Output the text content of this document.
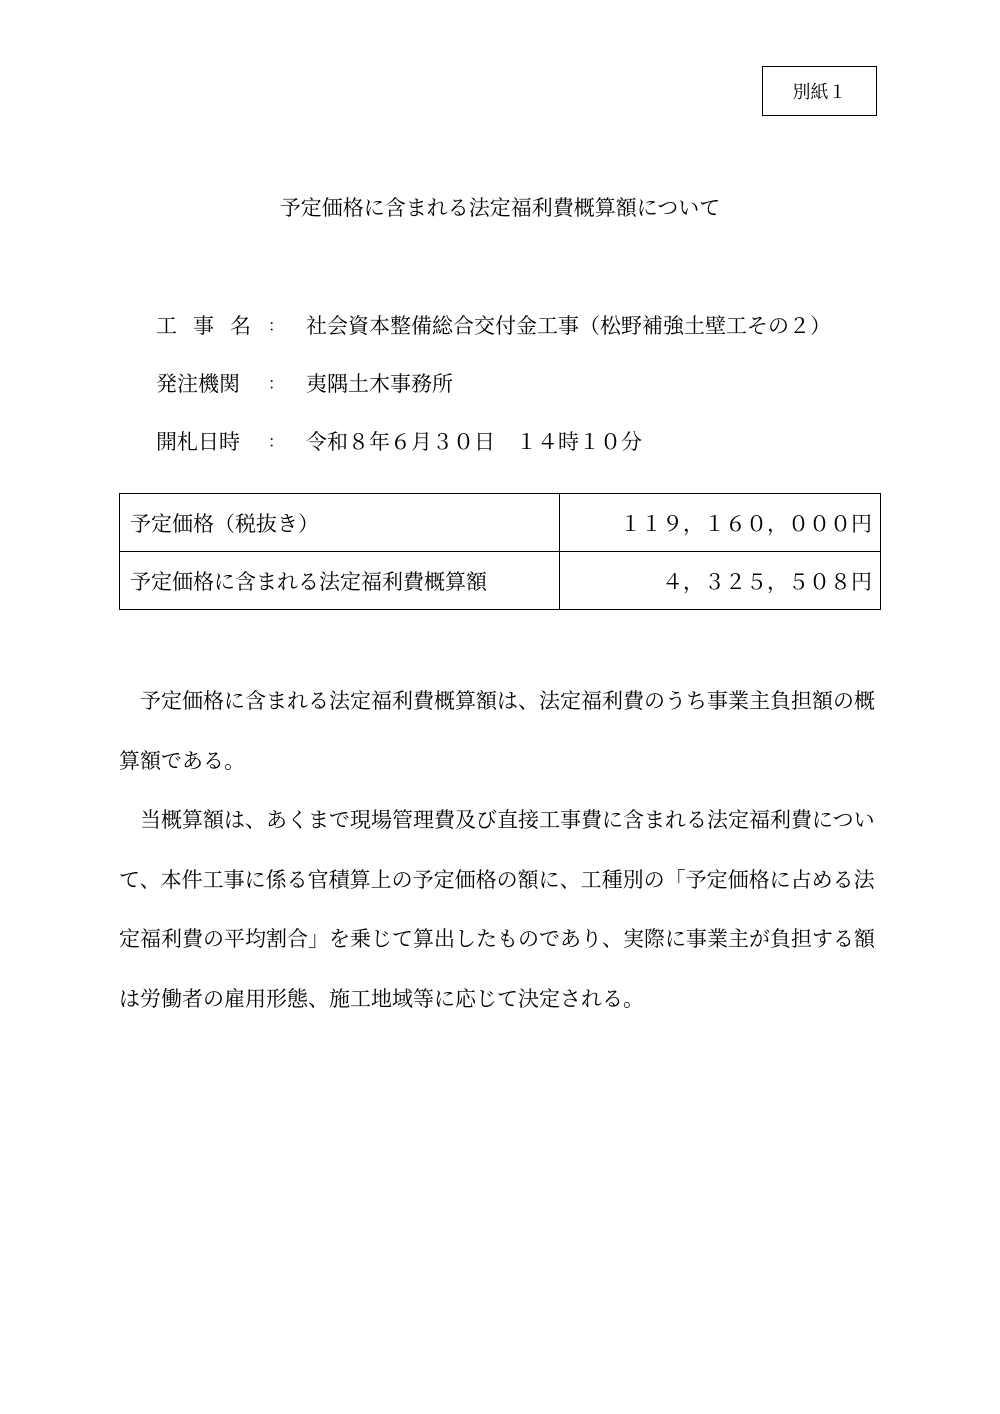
別紙１
予定価格に含まれる法定福利費概算額について
工 事 名 ： 社会資本整備総合交付金工事（松野補強土壁工その２）
発注機関	： 夷隅土木事務所
開札日時	： 令和８年６月３０日　１４時１０分
予定価格（税抜き）	１１９，１６０，０００円
予定価格に含まれる法定福利費概算額	４，３２５，５０８円

予定価格に含まれる法定福利費概算額は、法定福利費のうち事業主負担額の概算額である。

当概算額は、あくまで現場管理費及び直接工事費に含まれる法定福利費について、本件工事に係る官積算上の予定価格の額に、工種別の「予定価格に占める法定福利費の平均割合」を乗じて算出したものであり、実際に事業主が負担する額は労働者の雇用形態、施工地域等に応じて決定される。
